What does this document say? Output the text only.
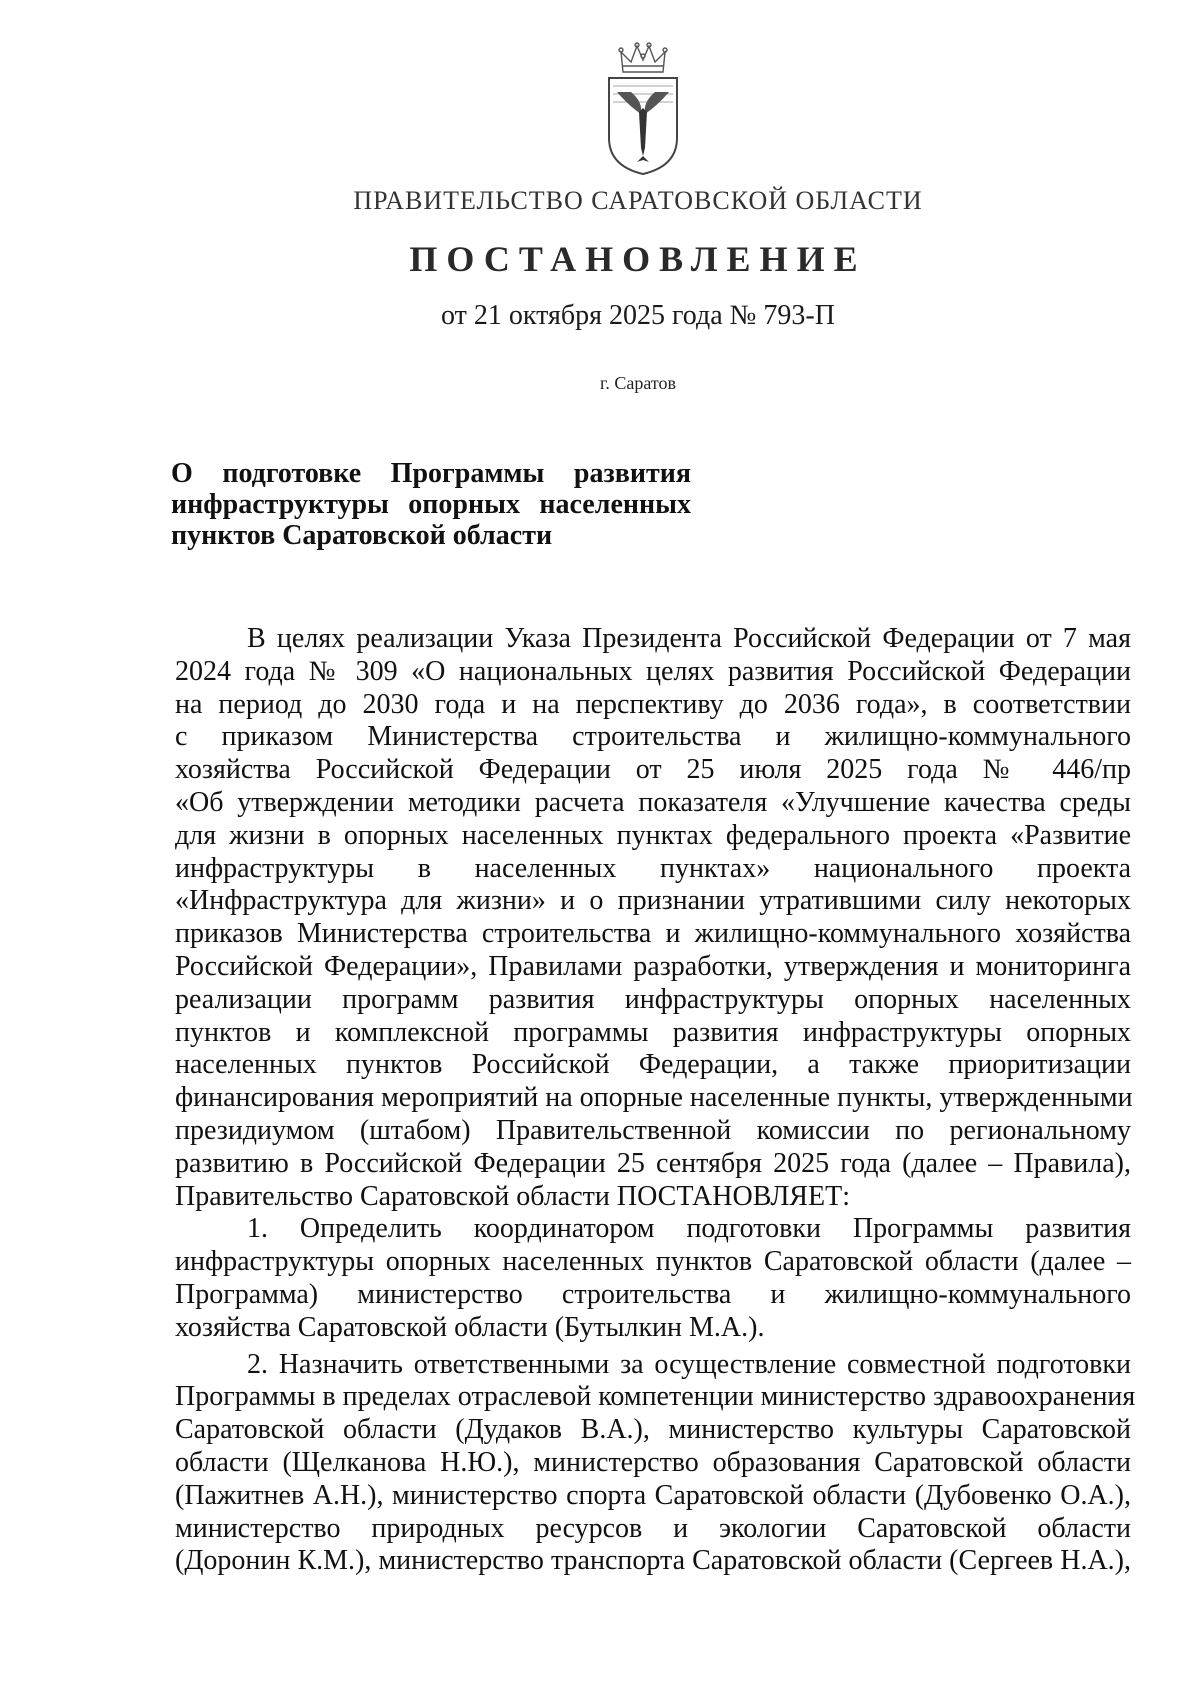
ПРАВИТЕЛЬСТВО САРАТОВСКОЙ ОБЛАСТИ
ПОСТАНОВЛЕНИЕ
от 21 октября 2025 года № 793-П
г. Саратов
О подготовке Программы развития
инфраструктуры опорных населенных
пунктов Саратовской области
В целях реализации Указа Президента Российской Федерации от 7 мая
2024 года № 309 «О национальных целях развития Российской Федерации
на период до 2030 года и на перспективу до 2036 года», в соответствии
с приказом Министерства строительства и жилищно-коммунального
хозяйства Российской Федерации от 25 июля 2025 года № 446/пр
«Об утверждении методики расчета показателя «Улучшение качества среды
для жизни в опорных населенных пунктах федерального проекта «Развитие
инфраструктуры в населенных пунктах» национального проекта
«Инфраструктура для жизни» и о признании утратившими силу некоторых
приказов Министерства строительства и жилищно-коммунального хозяйства
Российской Федерации», Правилами разработки, утверждения и мониторинга
реализации программ развития инфраструктуры опорных населенных
пунктов и комплексной программы развития инфраструктуры опорных
населенных пунктов Российской Федерации, а также приоритизации
финансирования мероприятий на опорные населенные пункты, утвержденными
президиумом (штабом) Правительственной комиссии по региональному
развитию в Российской Федерации 25 сентября 2025 года (далее – Правила),
Правительство Саратовской области ПОСТАНОВЛЯЕТ:
1. Определить координатором подготовки Программы развития
инфраструктуры опорных населенных пунктов Саратовской области (далее –
Программа) министерство строительства и жилищно-коммунального
хозяйства Саратовской области (Бутылкин М.А.).
2. Назначить ответственными за осуществление совместной подготовки
Программы в пределах отраслевой компетенции министерство здравоохранения
Саратовской области (Дудаков В.А.), министерство культуры Саратовской
области (Щелканова Н.Ю.), министерство образования Саратовской области
(Пажитнев А.Н.), министерство спорта Саратовской области (Дубовенко О.А.),
министерство природных ресурсов и экологии Саратовской области
(Доронин К.М.), министерство транспорта Саратовской области (Сергеев Н.А.),
